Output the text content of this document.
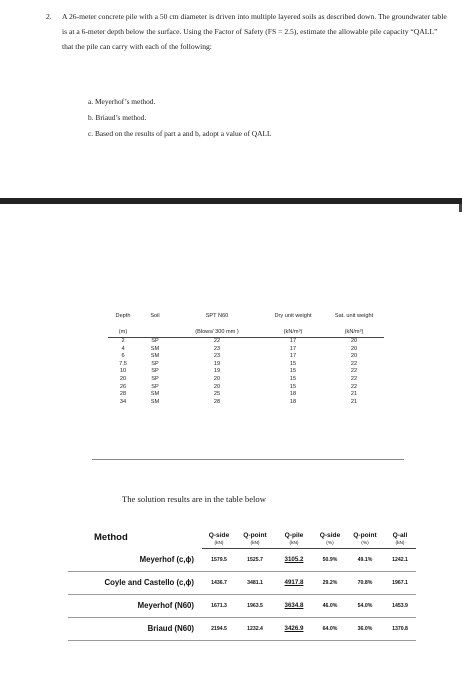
2. A 26-meter concrete pile with a 50 cm diameter is driven into multiple layered soils as described down. The groundwater table is at a 6-meter depth below the surface. Using the Factor of Safety (FS = 2.5), estimate the allowable pile capacity “QALL” that the pile can carry with each of the following:
a. Meyerhof’s method.
b. Briaud’s method.
c. Based on the results of part a and b, adopt a value of QALL
Depth	Soil	SPT N60	Dry unit weight	Sat. unit weight
(m)		(Blows/ 300 mm )	(kN/m³)	(kN/m³)
2	SP	22	17	20
4	SM	23	17	20
6	SM	23	17	20
7.5	SP	19	15	22
10	SP	19	15	22
20	SP	20	15	22
26	SP	20	15	22
28	SM	25	18	21
34	SM	28	18	21
The solution results are in the table below
Method	Q-side	Q-point	Q-pile	Q-side	Q-point	Q-all
	(kN)	(kN)	(kN)	(%)	(%)	(kN)
Meyerhof (c,ϕ)	1579.5	1525.7	3105.2	50.9%	49.1%	1242.1
Coyle and Castello (c,ϕ)	1436.7	3481.1	4917.8	29.2%	70.8%	1967.1
Meyerhof (N60)	1671.3	1963.5	3634.8	46.0%	54.0%	1453.9
Briaud (N60)	2194.5	1232.4	3426.9	64.0%	36.0%	1370.8
